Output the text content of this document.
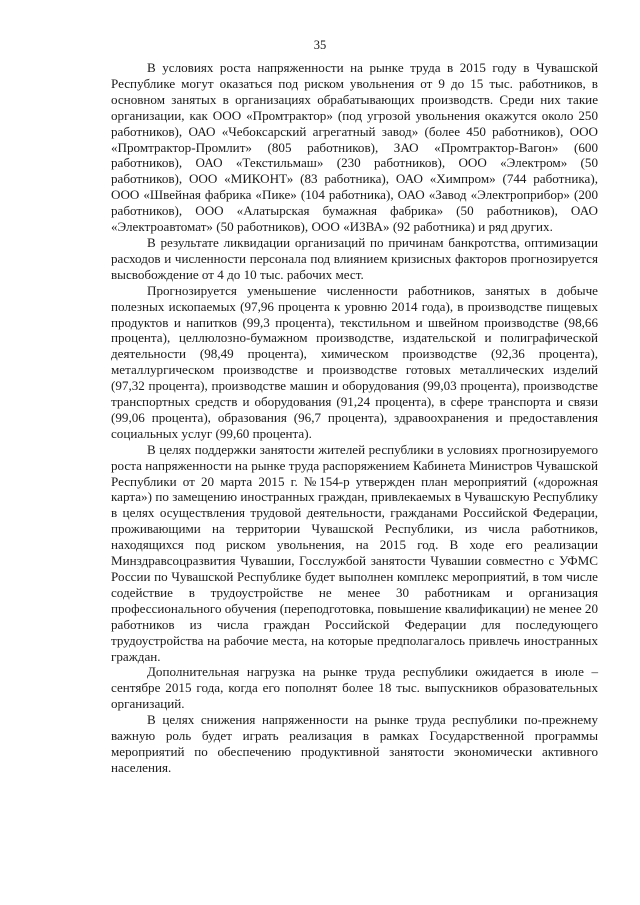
35

В условиях роста напряженности на рынке труда в 2015 году в Чувашской Республике могут оказаться под риском увольнения от 9 до 15 тыс. работников, в основном занятых в организациях обрабатывающих производств. Среди них такие организации, как ООО «Промтрактор» (под угрозой увольнения окажутся около 250 работников), ОАО «Чебоксарский агрегатный завод» (более 450 работников), ООО «Промтрактор-Промлит» (805 работников), ЗАО «Промтрактор-Вагон» (600 работников), ОАО «Текстильмаш» (230 работников), ООО «Электром» (50 работников), ООО «МИКОНТ» (83 работника), ОАО «Химпром» (744 работника), ООО «Швейная фабрика «Пике» (104 работника), ОАО «Завод «Электроприбор» (200 работников), ООО «Алатырская бумажная фабрика» (50 работников), ОАО «Электроавтомат» (50 работников), ООО «ИЗВА» (92 работника) и ряд других.

В результате ликвидации организаций по причинам банкротства, оптимизации расходов и численности персонала под влиянием кризисных факторов прогнозируется высвобождение от 4 до 10 тыс. рабочих мест.

Прогнозируется уменьшение численности работников, занятых в добыче полезных ископаемых (97,96 процента к уровню 2014 года), в производстве пищевых продуктов и напитков (99,3 процента), текстильном и швейном производстве (98,66 процента), целлюлозно-бумажном производстве, издательской и полиграфической деятельности (98,49 процента), химическом производстве (92,36 процента), металлургическом производстве и производстве готовых металлических изделий (97,32 процента), производстве машин и оборудования (99,03 процента), производстве транспортных средств и оборудования (91,24 процента), в сфере транспорта и связи (99,06 процента), образования (96,7 процента), здравоохранения и предоставления социальных услуг (99,60 процента).

В целях поддержки занятости жителей республики в условиях прогнозируемого роста напряженности на рынке труда распоряжением Кабинета Министров Чувашской Республики от 20 марта 2015 г. №154-р утвержден план мероприятий («дорожная карта») по замещению иностранных граждан, привлекаемых в Чувашскую Республику в целях осуществления трудовой деятельности, гражданами Российской Федерации, проживающими на территории Чувашской Республики, из числа работников, находящихся под риском увольнения, на 2015 год. В ходе его реализации Минздравсоцразвития Чувашии, Госслужбой занятости Чувашии совместно с УФМС России по Чувашской Республике будет выполнен комплекс мероприятий, в том числе содействие в трудоустройстве не менее 30 работникам и организация профессионального обучения (переподготовка, повышение квалификации) не менее 20 работников из числа граждан Российской Федерации для последующего трудоустройства на рабочие места, на которые предполагалось привлечь иностранных граждан.

Дополнительная нагрузка на рынке труда республики ожидается в июле – сентябре 2015 года, когда его пополнят более 18 тыс. выпускников образовательных организаций.

В целях снижения напряженности на рынке труда республики по-прежнему важную роль будет играть реализация в рамках Государственной программы мероприятий по обеспечению продуктивной занятости экономически активного населения.
